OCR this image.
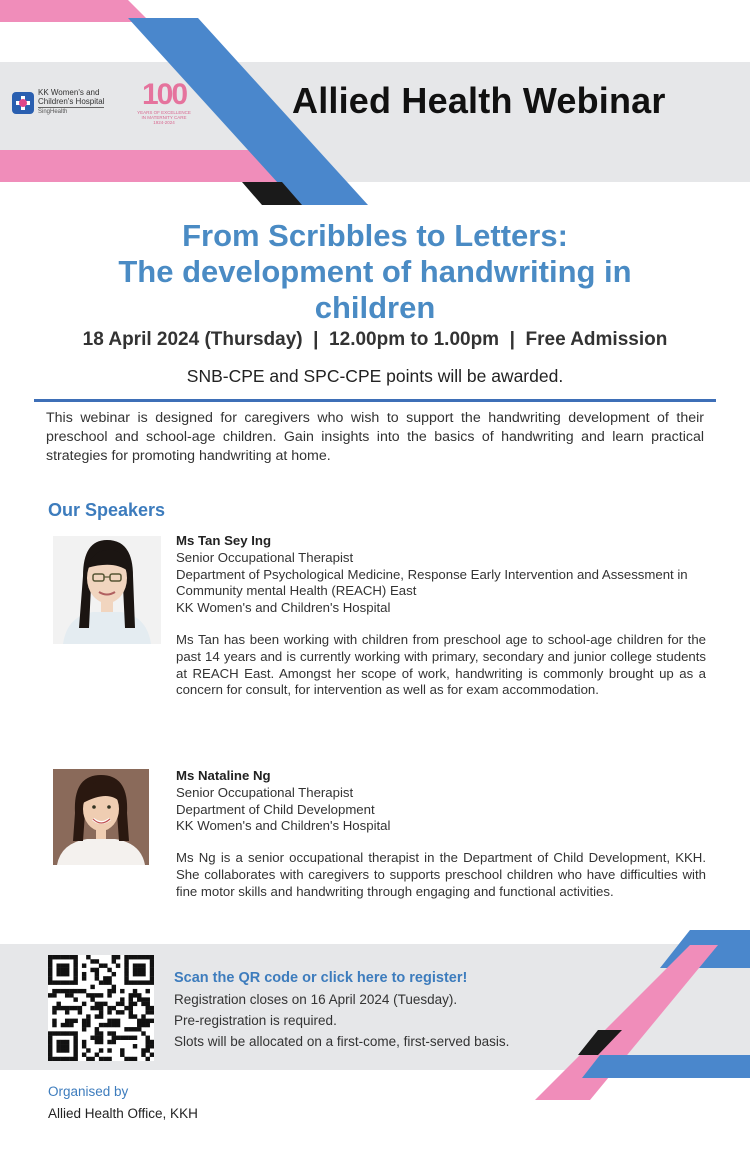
KK Women's and
Children's Hospital
SingHealth
100
YEARS OF EXCELLENCE
IN MATERNITY CARE
1924-2024
Allied Health Webinar
From Scribbles to Letters:
The development of handwriting in
children
18 April 2024 (Thursday)  |  12.00pm to 1.00pm  |  Free Admission
SNB-CPE and SPC-CPE points will be awarded.

This webinar is designed for caregivers who wish to support the handwriting development of their preschool and school-age children. Gain insights into the basics of handwriting and learn practical strategies for promoting handwriting at home.

Our Speakers
Ms Tan Sey Ing
Senior Occupational Therapist
Department of Psychological Medicine, Response Early Intervention and Assessment in Community mental Health (REACH) East
KK Women's and Children's Hospital

Ms Tan has been working with children from preschool age to school-age children for the past 14 years and is currently working with primary, secondary and junior college students at REACH East. Amongst her scope of work, handwriting is commonly brought up as a concern for consult, for intervention as well as for exam accommodation.

Ms Nataline Ng
Senior Occupational Therapist
Department of Child Development
KK Women's and Children's Hospital

Ms Ng is a senior occupational therapist in the Department of Child Development, KKH. She collaborates with caregivers to supports preschool children who have difficulties with fine motor skills and handwriting through engaging and functional activities.

Scan the QR code or click here to register!
Registration closes on 16 April 2024 (Tuesday).
Pre-registration is required.
Slots will be allocated on a first-come, first-served basis.
Organised by
Allied Health Office, KKH
